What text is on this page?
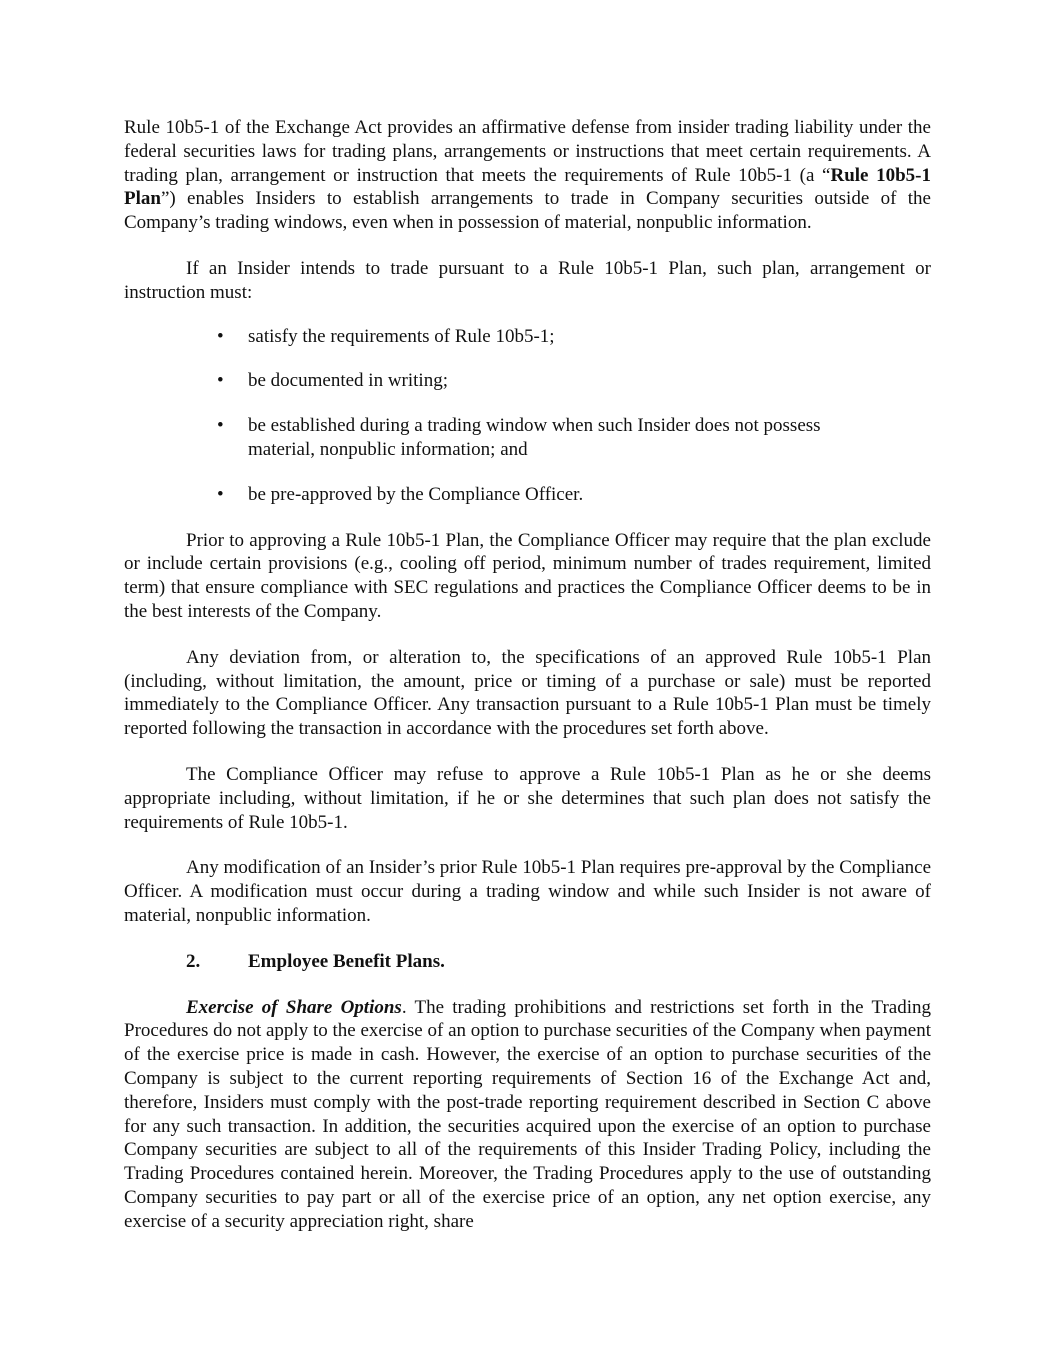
Rule 10b5-1 of the Exchange Act provides an affirmative defense from insider trading liability under the federal securities laws for trading plans, arrangements or instructions that meet certain requirements. A trading plan, arrangement or instruction that meets the requirements of Rule 10b5-1 (a “Rule 10b5-1 Plan”) enables Insiders to establish arrangements to trade in Company securities outside of the Company’s trading windows, even when in possession of material, nonpublic information.

If an Insider intends to trade pursuant to a Rule 10b5-1 Plan, such plan, arrangement or instruction must:

• satisfy the requirements of Rule 10b5-1;
• be documented in writing;
• be established during a trading window when such Insider does not possess material, nonpublic information; and
• be pre-approved by the Compliance Officer.

Prior to approving a Rule 10b5-1 Plan, the Compliance Officer may require that the plan exclude or include certain provisions (e.g., cooling off period, minimum number of trades requirement, limited term) that ensure compliance with SEC regulations and practices the Compliance Officer deems to be in the best interests of the Company.

Any deviation from, or alteration to, the specifications of an approved Rule 10b5-1 Plan (including, without limitation, the amount, price or timing of a purchase or sale) must be reported immediately to the Compliance Officer. Any transaction pursuant to a Rule 10b5-1 Plan must be timely reported following the transaction in accordance with the procedures set forth above.

The Compliance Officer may refuse to approve a Rule 10b5-1 Plan as he or she deems appropriate including, without limitation, if he or she determines that such plan does not satisfy the requirements of Rule 10b5-1.

Any modification of an Insider’s prior Rule 10b5-1 Plan requires pre-approval by the Compliance Officer. A modification must occur during a trading window and while such Insider is not aware of material, nonpublic information.

2.	Employee Benefit Plans.

Exercise of Share Options. The trading prohibitions and restrictions set forth in the Trading Procedures do not apply to the exercise of an option to purchase securities of the Company when payment of the exercise price is made in cash. However, the exercise of an option to purchase securities of the Company is subject to the current reporting requirements of Section 16 of the Exchange Act and, therefore, Insiders must comply with the post-trade reporting requirement described in Section C above for any such transaction. In addition, the securities acquired upon the exercise of an option to purchase Company securities are subject to all of the requirements of this Insider Trading Policy, including the Trading Procedures contained herein. Moreover, the Trading Procedures apply to the use of outstanding Company securities to pay part or all of the exercise price of an option, any net option exercise, any exercise of a security appreciation right, share
